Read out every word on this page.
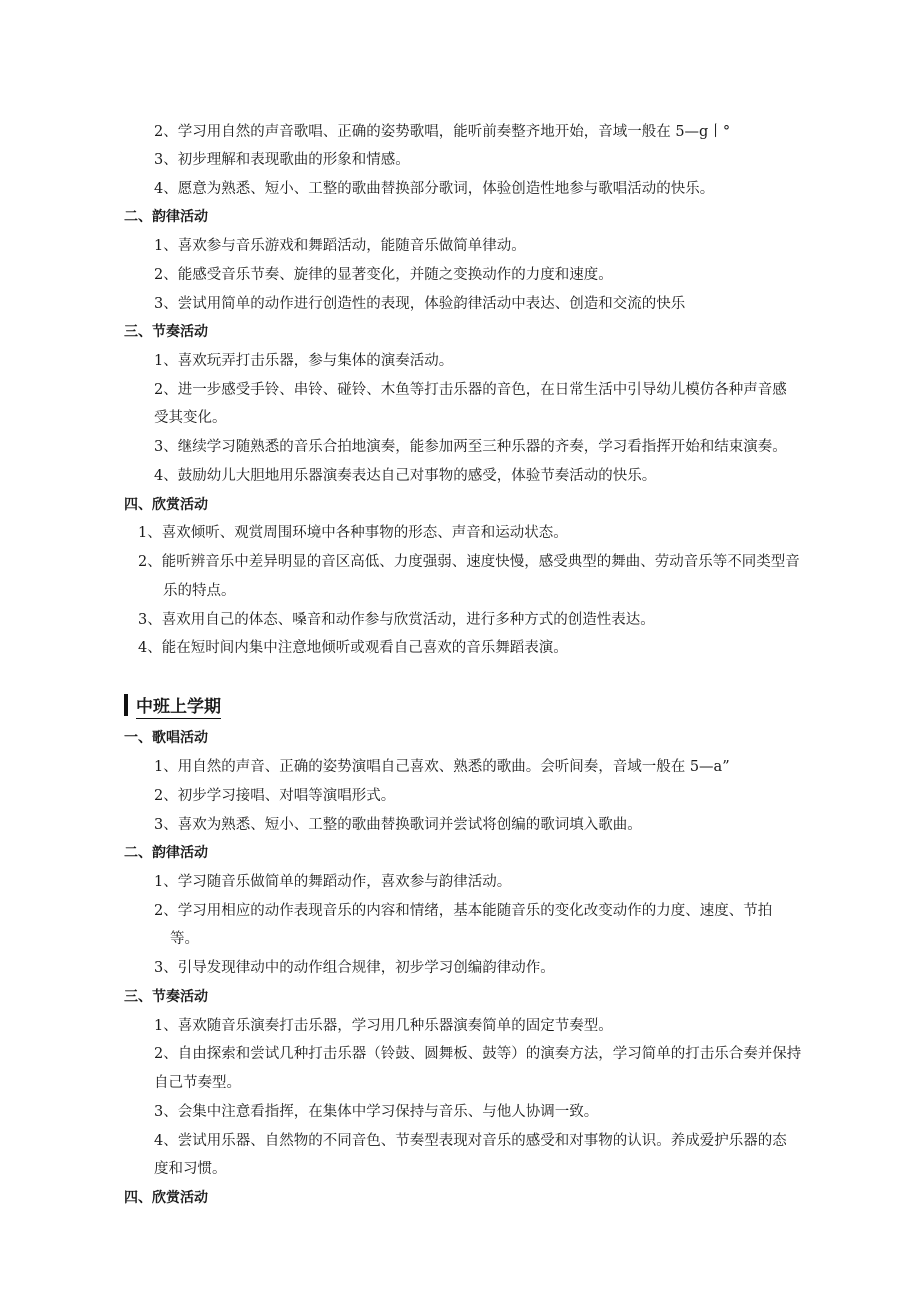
2、学习用自然的声音歌唱、正确的姿势歌唱，能听前奏整齐地开始，音域一般在 5—g丨°
3、初步理解和表现歌曲的形象和情感。
4、愿意为熟悉、短小、工整的歌曲替换部分歌词，体验创造性地参与歌唱活动的快乐。
二、韵律活动
1、喜欢参与音乐游戏和舞蹈活动，能随音乐做简单律动。
2、能感受音乐节奏、旋律的显著变化，并随之变换动作的力度和速度。
3、尝试用简单的动作进行创造性的表现，体验韵律活动中表达、创造和交流的快乐
三、节奏活动
1、喜欢玩弄打击乐器，参与集体的演奏活动。
2、进一步感受手铃、串铃、碰铃、木鱼等打击乐器的音色，在日常生活中引导幼儿模仿各种声音感
受其变化。
3、继续学习随熟悉的音乐合拍地演奏，能参加两至三种乐器的齐奏，学习看指挥开始和结束演奏。
4、鼓励幼儿大胆地用乐器演奏表达自己对事物的感受，体验节奏活动的快乐。
四、欣赏活动
1、喜欢倾听、观赏周围环境中各种事物的形态、声音和运动状态。
2、能听辨音乐中差异明显的音区高低、力度强弱、速度快慢，感受典型的舞曲、劳动音乐等不同类型音
乐的特点。
3、喜欢用自己的体态、嗓音和动作参与欣赏活动，进行多种方式的创造性表达。
4、能在短时间内集中注意地倾听或观看自己喜欢的音乐舞蹈表演。
中班上学期
一、歌唱活动
1、用自然的声音、正确的姿势演唱自己喜欢、熟悉的歌曲。会听间奏，音域一般在 5—a”
2、初步学习接唱、对唱等演唱形式。
3、喜欢为熟悉、短小、工整的歌曲替换歌词并尝试将创编的歌词填入歌曲。
二、韵律活动
1、学习随音乐做简单的舞蹈动作，喜欢参与韵律活动。
2、学习用相应的动作表现音乐的内容和情绪，基本能随音乐的变化改变动作的力度、速度、节拍
等。
3、引导发现律动中的动作组合规律，初步学习创编韵律动作。
三、节奏活动
1、喜欢随音乐演奏打击乐器，学习用几种乐器演奏简单的固定节奏型。
2、自由探索和尝试几种打击乐器（铃鼓、圆舞板、鼓等）的演奏方法，学习简单的打击乐合奏并保持
自己节奏型。
3、会集中注意看指挥，在集体中学习保持与音乐、与他人协调一致。
4、尝试用乐器、自然物的不同音色、节奏型表现对音乐的感受和对事物的认识。养成爱护乐器的态
度和习惯。
四、欣赏活动
